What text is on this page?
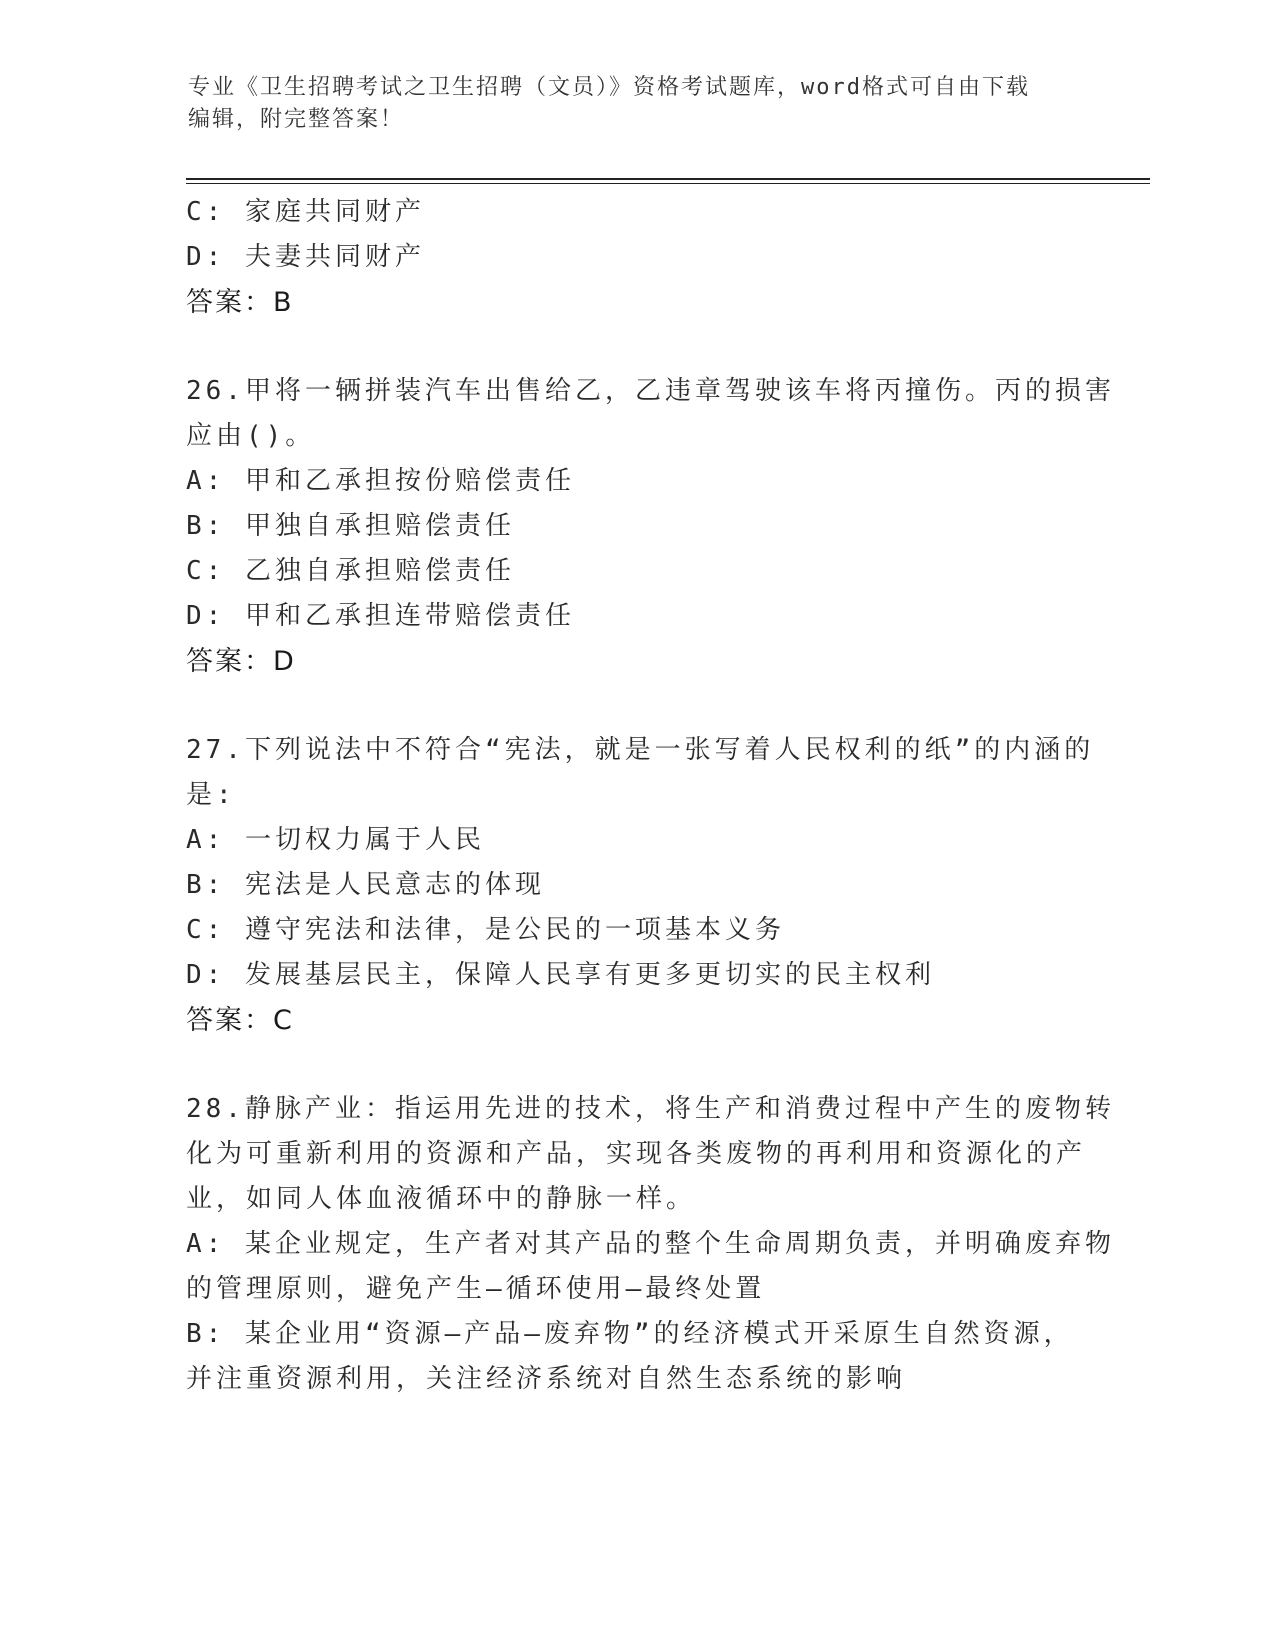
专业《卫生招聘考试之卫生招聘（文员）》资格考试题库，word格式可自由下载
编辑，附完整答案！
C: 家庭共同财产
D: 夫妻共同财产
答案：B
26.甲将一辆拼装汽车出售给乙，乙违章驾驶该车将丙撞伤。丙的损害
应由()。
A: 甲和乙承担按份赔偿责任
B: 甲独自承担赔偿责任
C: 乙独自承担赔偿责任
D: 甲和乙承担连带赔偿责任
答案：D
27.下列说法中不符合“宪法，就是一张写着人民权利的纸”的内涵的
是:
A: 一切权力属于人民
B: 宪法是人民意志的体现
C: 遵守宪法和法律，是公民的一项基本义务
D: 发展基层民主，保障人民享有更多更切实的民主权利
答案：C
28.静脉产业：指运用先进的技术，将生产和消费过程中产生的废物转
化为可重新利用的资源和产品，实现各类废物的再利用和资源化的产
业，如同人体血液循环中的静脉一样。
A: 某企业规定，生产者对其产品的整个生命周期负责，并明确废弃物
的管理原则，避免产生—循环使用—最终处置
B: 某企业用“资源—产品—废弃物”的经济模式开采原生自然资源，
并注重资源利用，关注经济系统对自然生态系统的影响
